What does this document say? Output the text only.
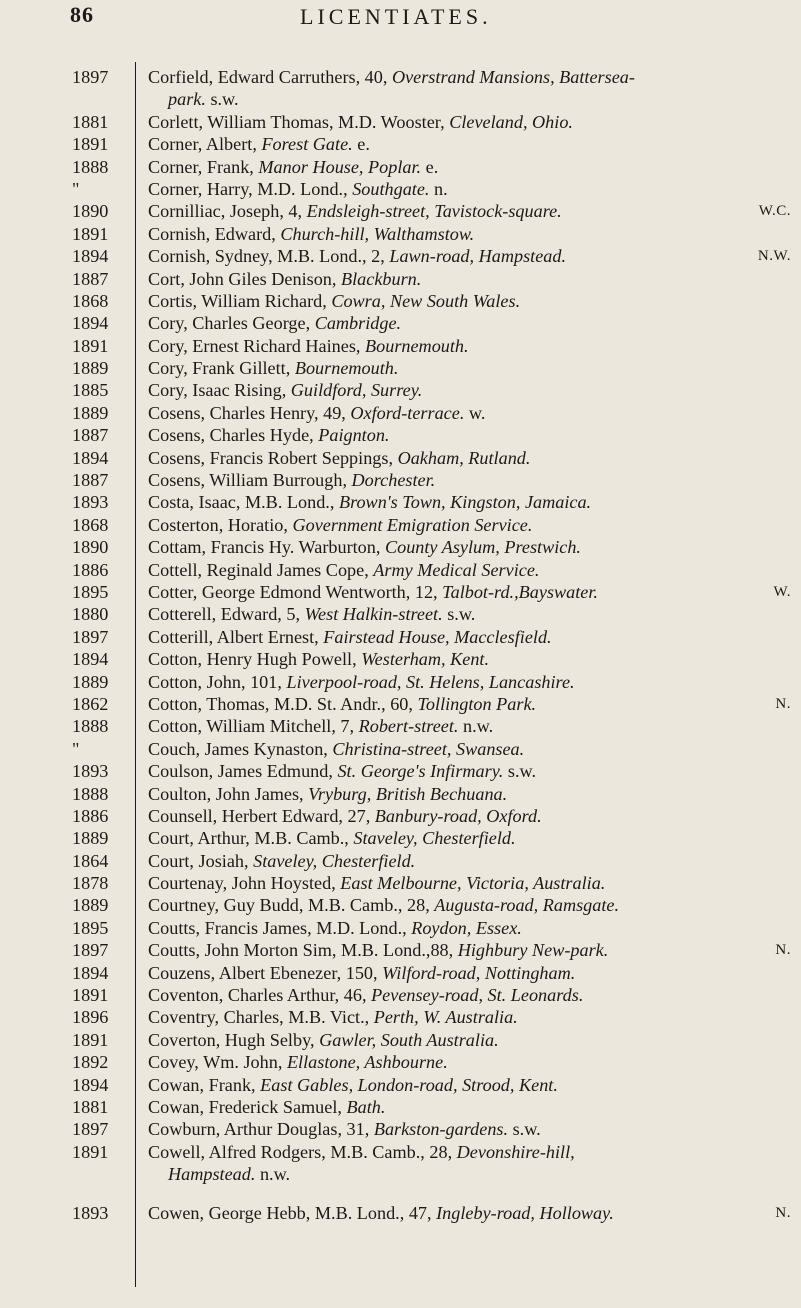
86	LICENTIATES.
1897	Corfield, Edward Carruthers, 40, Overstrand Mansions, Battersea-
park. s.w.
1881	Corlett, William Thomas, M.D. Wooster, Cleveland, Ohio.
1891	Corner, Albert, Forest Gate. e.
1888	Corner, Frank, Manor House, Poplar. e.
"	Corner, Harry, M.D. Lond., Southgate. n.
1890	Cornilliac, Joseph, 4, Endsleigh-street, Tavistock-square.	W.C.
1891	Cornish, Edward, Church-hill, Walthamstow.
1894	Cornish, Sydney, M.B. Lond., 2, Lawn-road, Hampstead.	N.W.
1887	Cort, John Giles Denison, Blackburn.
1868	Cortis, William Richard, Cowra, New South Wales.
1894	Cory, Charles George, Cambridge.
1891	Cory, Ernest Richard Haines, Bournemouth.
1889	Cory, Frank Gillett, Bournemouth.
1885	Cory, Isaac Rising, Guildford, Surrey.
1889	Cosens, Charles Henry, 49, Oxford-terrace. w.
1887	Cosens, Charles Hyde, Paignton.
1894	Cosens, Francis Robert Seppings, Oakham, Rutland.
1887	Cosens, William Burrough, Dorchester.
1893	Costa, Isaac, M.B. Lond., Brown's Town, Kingston, Jamaica.
1868	Costerton, Horatio, Government Emigration Service.
1890	Cottam, Francis Hy. Warburton, County Asylum, Prestwich.
1886	Cottell, Reginald James Cope, Army Medical Service.
1895	Cotter, George Edmond Wentworth, 12, Talbot-rd.,Bayswater.	W.
1880	Cotterell, Edward, 5, West Halkin-street. s.w.
1897	Cotterill, Albert Ernest, Fairstead House, Macclesfield.
1894	Cotton, Henry Hugh Powell, Westerham, Kent.
1889	Cotton, John, 101, Liverpool-road, St. Helens, Lancashire.
1862	Cotton, Thomas, M.D. St. Andr., 60, Tollington Park.	N.
1888	Cotton, William Mitchell, 7, Robert-street. n.w.
"	Couch, James Kynaston, Christina-street, Swansea.
1893	Coulson, James Edmund, St. George's Infirmary. s.w.
1888	Coulton, John James, Vryburg, British Bechuana.
1886	Counsell, Herbert Edward, 27, Banbury-road, Oxford.
1889	Court, Arthur, M.B. Camb., Staveley, Chesterfield.
1864	Court, Josiah, Staveley, Chesterfield.
1878	Courtenay, John Hoysted, East Melbourne, Victoria, Australia.
1889	Courtney, Guy Budd, M.B. Camb., 28, Augusta-road, Ramsgate.
1895	Coutts, Francis James, M.D. Lond., Roydon, Essex.
1897	Coutts, John Morton Sim, M.B. Lond.,88, Highbury New-park.	N.
1894	Couzens, Albert Ebenezer, 150, Wilford-road, Nottingham.
1891	Coventon, Charles Arthur, 46, Pevensey-road, St. Leonards.
1896	Coventry, Charles, M.B. Vict., Perth, W. Australia.
1891	Coverton, Hugh Selby, Gawler, South Australia.
1892	Covey, Wm. John, Ellastone, Ashbourne.
1894	Cowan, Frank, East Gables, London-road, Strood, Kent.
1881	Cowan, Frederick Samuel, Bath.
1897	Cowburn, Arthur Douglas, 31, Barkston-gardens. s.w.
1891	Cowell, Alfred Rodgers, M.B. Camb., 28, Devonshire-hill,
Hampstead. n.w.
1893	Cowen, George Hebb, M.B. Lond., 47, Ingleby-road, Holloway.	N.
